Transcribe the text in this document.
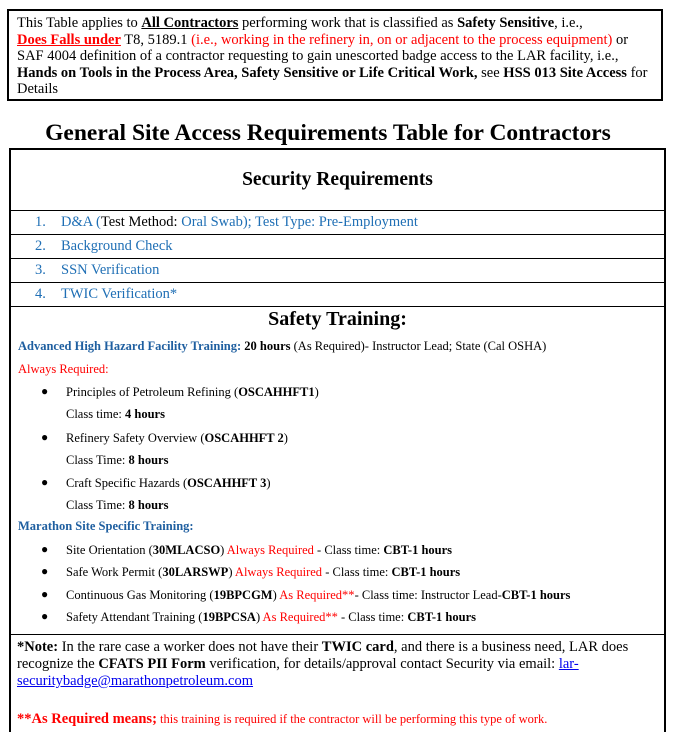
This Table applies to All Contractors performing work that is classified as Safety Sensitive, i.e.,
Does Falls under T8, 5189.1 (i.e., working in the refinery in, on or adjacent to the process equipment) or SAF 4004 definition of a contractor requesting to gain unescorted badge access to the LAR facility, i.e., Hands on Tools in the Process Area, Safety Sensitive or Life Critical Work, see HSS 013 Site Access for Details
General Site Access Requirements Table for Contractors
Security Requirements
1. D&A (Test Method: Oral Swab); Test Type: Pre-Employment
2. Background Check
3. SSN Verification
4. TWIC Verification*
Safety Training:
Advanced High Hazard Facility Training: 20 hours (As Required)- Instructor Lead; State (Cal OSHA)
Always Required:
● Principles of Petroleum Refining (OSCAHHFT1)
Class time: 4 hours
● Refinery Safety Overview (OSCAHHFT 2)
Class Time: 8 hours
● Craft Specific Hazards (OSCAHHFT 3)
Class Time: 8 hours
Marathon Site Specific Training:
● Site Orientation (30MLACSO) Always Required - Class time: CBT-1 hours
● Safe Work Permit (30LARSWP) Always Required - Class time: CBT-1 hours
● Continuous Gas Monitoring (19BPCGM) As Required**- Class time: Instructor Lead-CBT-1 hours
● Safety Attendant Training (19BPCSA) As Required** - Class time: CBT-1 hours
*Note: In the rare case a worker does not have their TWIC card, and there is a business need, LAR does recognize the CFATS PII Form verification, for details/approval contact Security via email: lar-securitybadge@marathonpetroleum.com
**As Required means; this training is required if the contractor will be performing this type of work.
